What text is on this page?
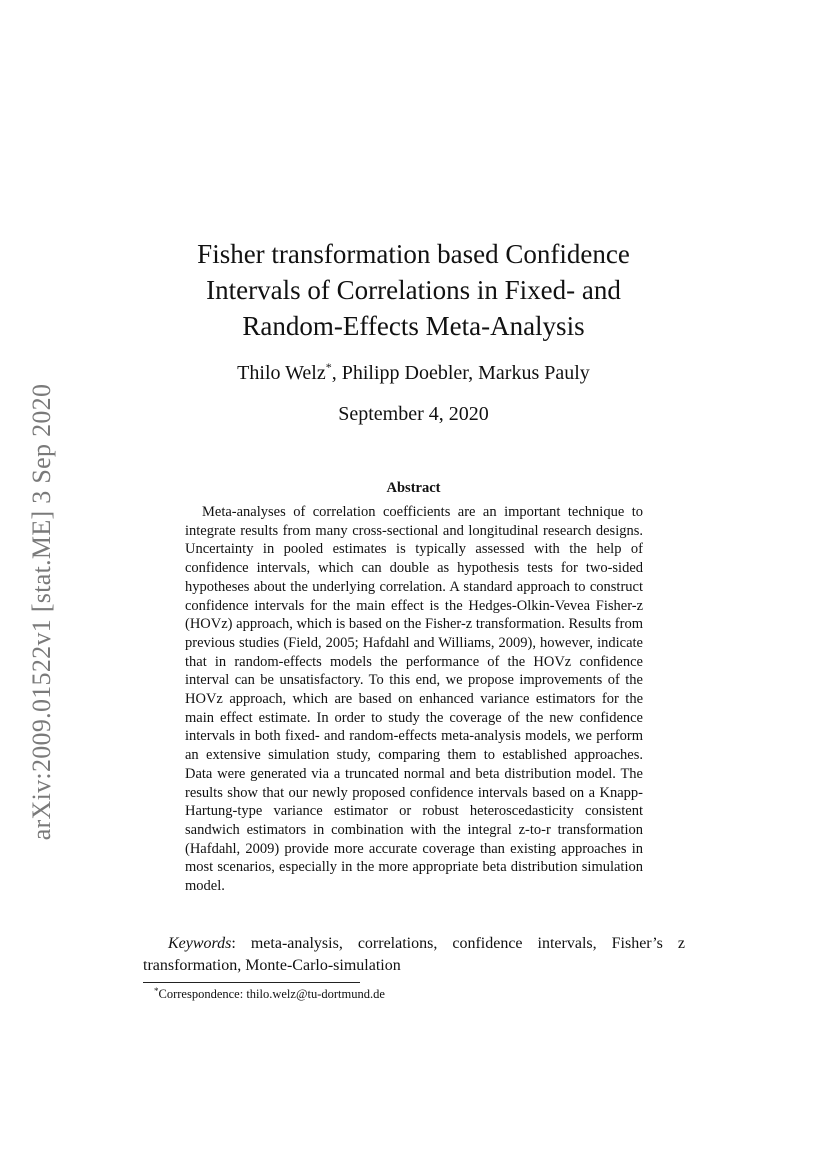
arXiv:2009.01522v1 [stat.ME] 3 Sep 2020
Fisher transformation based Confidence
Intervals of Correlations in Fixed- and
Random-Effects Meta-Analysis
Thilo Welz*, Philipp Doebler, Markus Pauly
September 4, 2020
Abstract

Meta-analyses of correlation coefficients are an important technique to integrate results from many cross-sectional and longitudinal research designs. Uncertainty in pooled estimates is typically assessed with the help of confidence intervals, which can double as hypothesis tests for two-sided hypotheses about the underlying correlation. A standard approach to construct confidence intervals for the main effect is the Hedges-Olkin-Vevea Fisher-z (HOVz) approach, which is based on the Fisher-z transformation. Results from previous studies (Field, 2005; Hafdahl and Williams, 2009), however, indicate that in random-effects models the performance of the HOVz confidence interval can be unsatisfactory. To this end, we propose improvements of the HOVz approach, which are based on enhanced variance estimators for the main effect estimate. In order to study the coverage of the new confidence intervals in both fixed- and random-effects meta-analysis models, we perform an extensive simulation study, comparing them to established approaches. Data were generated via a truncated normal and beta distribution model. The results show that our newly proposed confidence intervals based on a Knapp-Hartung-type variance estimator or robust heteroscedasticity consistent sandwich estimators in combination with the integral z-to-r transformation (Hafdahl, 2009) provide more accurate coverage than existing approaches in most scenarios, especially in the more appropriate beta distribution simulation model.

Keywords: meta-analysis, correlations, confidence intervals, Fisher’s z transformation, Monte-Carlo-simulation

*Correspondence: thilo.welz@tu-dortmund.de
